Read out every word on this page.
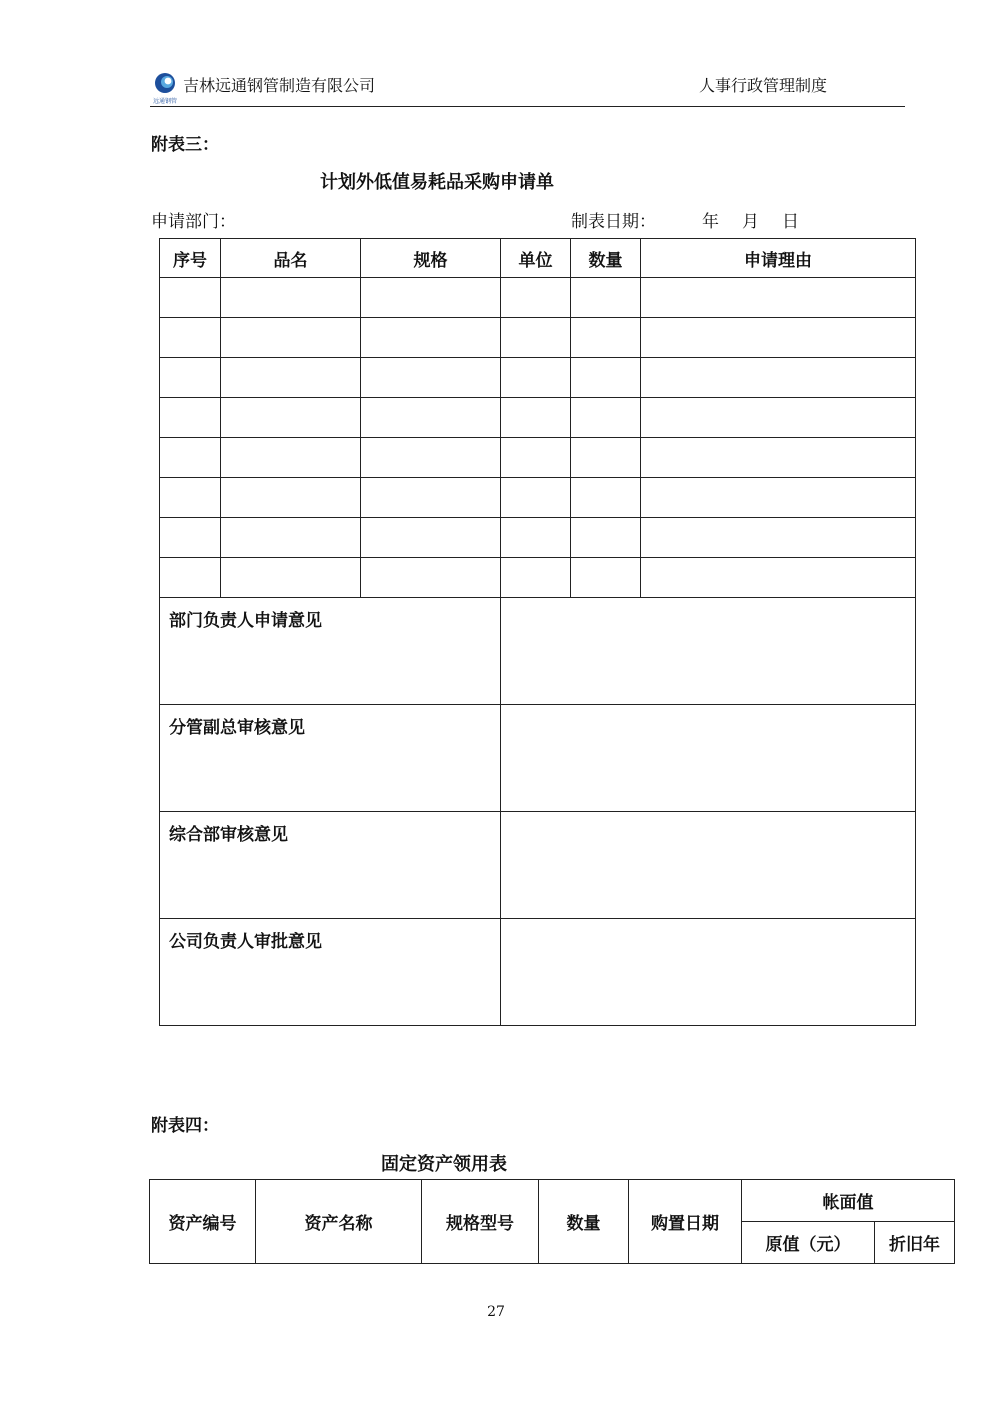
远通钢管
吉林远通钢管制造有限公司	人事行政管理制度
附表三：
计划外低值易耗品采购申请单
申请部门：	制表日期：	年 月 日
序号	品名	规格	单位	数量	申请理由

部门负责人申请意见					
分管副总审核意见					
综合部审核意见					
公司负责人审批意见					
附表四：
固定资产领用表
资产编号	资产名称	规格型号	数量	购置日期	帐面值	
					原值（元）	折旧年
27
